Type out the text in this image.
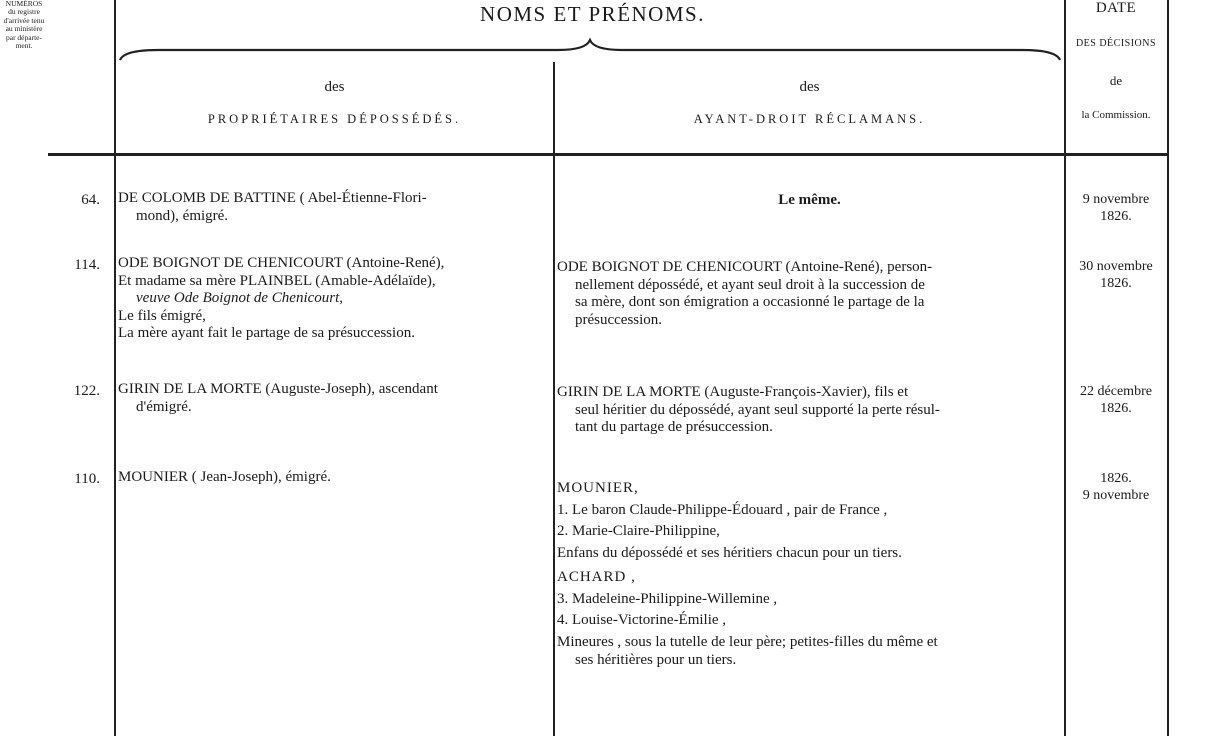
NUMÉROS du registre d'arrivée tenu au ministère par départe-ment.
NOMS ET PRÉNOMS.	DATE
DES DÉCISIONS
de
la Commission.
des
PROPRIÉTAIRES DÉPOSSÉDÉS.
des
AYANT-DROIT RÉCLAMANS.
64. DE COLOMB DE BATTINE ( Abel-Étienne-Flori-
mond), émigré.

Le même.	9 novembre
1826.
114. ODE BOIGNOT DE CHENICOURT (Antoine-René),

Et madame sa mère PLAINBEL (Amable-Adélaïde),

veuve Ode Boignot de Chenicourt,

Le fils émigré,

La mère ayant fait le partage de sa présuccession.

ODE BOIGNOT DE CHENICOURT (Antoine-René), person-

nellement dépossédé, et ayant seul droit à la succession de

sa mère, dont son émigration a occasionné le partage de la

présuccession.

30 novembre
1826.
122. GIRIN DE LA MORTE (Auguste-Joseph), ascendant

d'émigré.

GIRIN DE LA MORTE (Auguste-François-Xavier), fils et

seul héritier du dépossédé, ayant seul supporté la perte résul-

tant du partage de présuccession.

22 décembre
1826.
110. MOUNIER ( Jean-Joseph), émigré.

MOUNIER,

1. Le baron Claude-Philippe-Édouard , pair de France ,

2. Marie-Claire-Philippine,

Enfans du dépossédé et ses héritiers chacun pour un tiers.

ACHARD ,

3. Madeleine-Philippine-Willemine ,

4. Louise-Victorine-Émilie ,

Mineures , sous la tutelle de leur père; petites-filles du même et

ses héritières pour un tiers.

1826.
9 novembre
